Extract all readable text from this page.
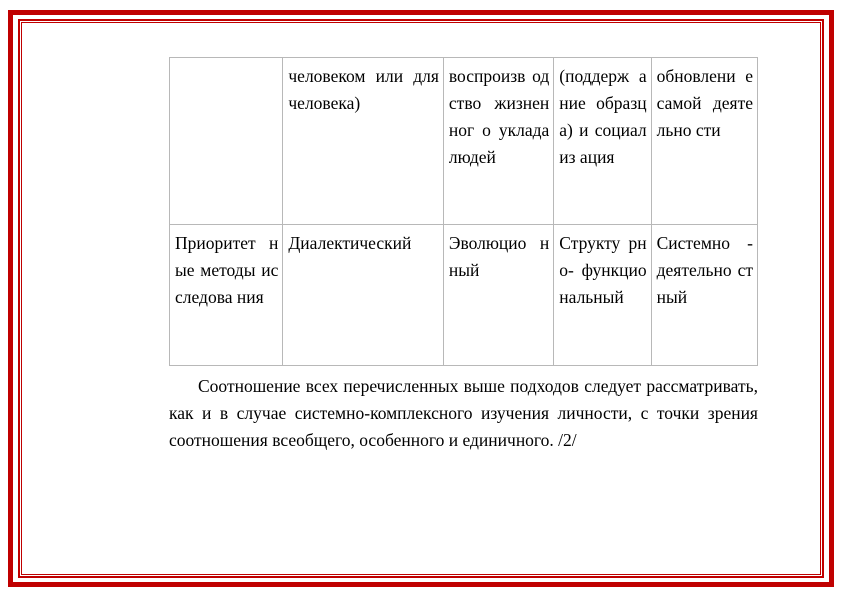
	человеком или для человека)	воспроизв одство жизненног о уклада людей	(поддерж ание образца) и социализ ация	обновлени е самой деятельно сти
Приоритет ные методы исследова ния	Диалектический	Эволюцио нный	Структу рно- функцио нальный	Системно - деятельно стный

Соотношение всех перечисленных выше подходов следует рассматривать, как и в случае системно-комплексного изучения личности, с точки зрения соотношения всеобщего, особенного и единичного. /2/
